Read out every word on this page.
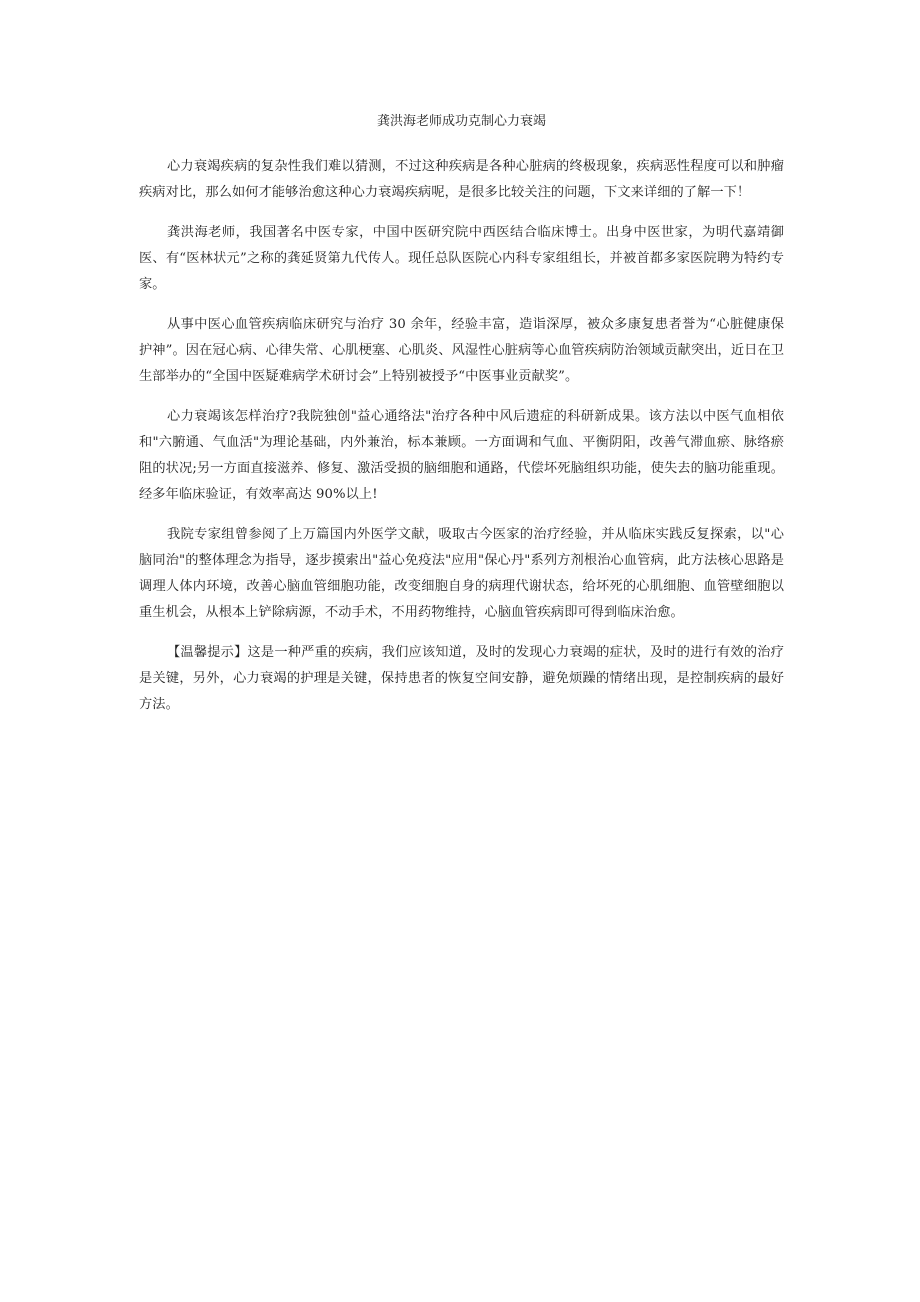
龚洪海老师成功克制心力衰竭

心力衰竭疾病的复杂性我们难以猜测，不过这种疾病是各种心脏病的终极现象，疾病恶性程度可以和肿瘤疾病对比，那么如何才能够治愈这种心力衰竭疾病呢，是很多比较关注的问题，下文来详细的了解一下！

龚洪海老师，我国著名中医专家，中国中医研究院中西医结合临床博士。出身中医世家，为明代嘉靖御医、有“医林状元”之称的龚延贤第九代传人。现任总队医院心内科专家组组长，并被首都多家医院聘为特约专家。

从事中医心血管疾病临床研究与治疗 30 余年，经验丰富，造诣深厚，被众多康复患者誉为“心脏健康保护神”。因在冠心病、心律失常、心肌梗塞、心肌炎、风湿性心脏病等心血管疾病防治领域贡献突出，近日在卫生部举办的“全国中医疑难病学术研讨会”上特别被授予“中医事业贡献奖”。

心力衰竭该怎样治疗?我院独创"益心通络法"治疗各种中风后遗症的科研新成果。该方法以中医气血相依和"六腑通、气血活"为理论基础，内外兼治，标本兼顾。一方面调和气血、平衡阴阳，改善气滞血瘀、脉络瘀阻的状况;另一方面直接滋养、修复、激活受损的脑细胞和通路，代偿坏死脑组织功能，使失去的脑功能重现。经多年临床验证，有效率高达 90%以上!

我院专家组曾参阅了上万篇国内外医学文献，吸取古今医家的治疗经验，并从临床实践反复探索，以"心脑同治"的整体理念为指导，逐步摸索出"益心免疫法"应用"保心丹"系列方剂根治心血管病，此方法核心思路是调理人体内环境，改善心脑血管细胞功能，改变细胞自身的病理代谢状态，给坏死的心肌细胞、血管壁细胞以重生机会，从根本上铲除病源，不动手术，不用药物维持，心脑血管疾病即可得到临床治愈。

【温馨提示】这是一种严重的疾病，我们应该知道，及时的发现心力衰竭的症状，及时的进行有效的治疗是关键，另外，心力衰竭的护理是关键，保持患者的恢复空间安静，避免烦躁的情绪出现，是控制疾病的最好方法。
